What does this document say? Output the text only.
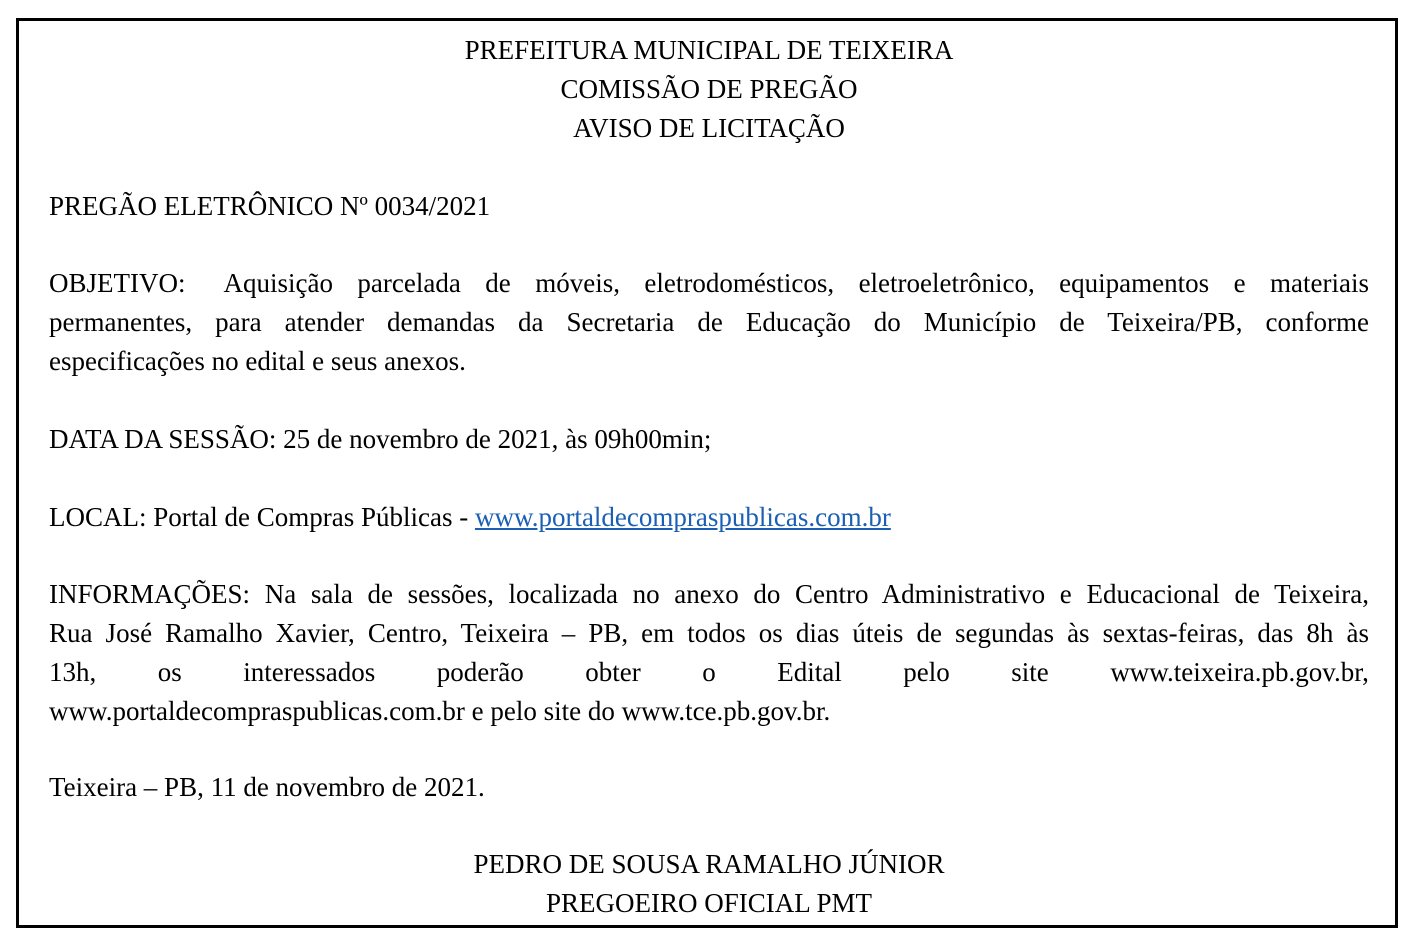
PREFEITURA MUNICIPAL DE TEIXEIRA
COMISSÃO DE PREGÃO
AVISO DE LICITAÇÃO
PREGÃO ELETRÔNICO Nº 0034/2021
OBJETIVO: Aquisição parcelada de móveis, eletrodomésticos, eletroeletrônico, equipamentos e materiais
permanentes, para atender demandas da Secretaria de Educação do Município de Teixeira/PB, conforme
especificações no edital e seus anexos.
DATA DA SESSÃO: 25 de novembro de 2021, às 09h00min;
LOCAL: Portal de Compras Públicas - www.portaldecompraspublicas.com.br
INFORMAÇÕES: Na sala de sessões, localizada no anexo do Centro Administrativo e Educacional de Teixeira,
Rua José Ramalho Xavier, Centro, Teixeira – PB, em todos os dias úteis de segundas às sextas-feiras, das 8h às
13h, os interessados poderão obter o Edital pelo site www.teixeira.pb.gov.br,
www.portaldecompraspublicas.com.br e pelo site do www.tce.pb.gov.br.
Teixeira – PB, 11 de novembro de 2021.
PEDRO DE SOUSA RAMALHO JÚNIOR
PREGOEIRO OFICIAL PMT
